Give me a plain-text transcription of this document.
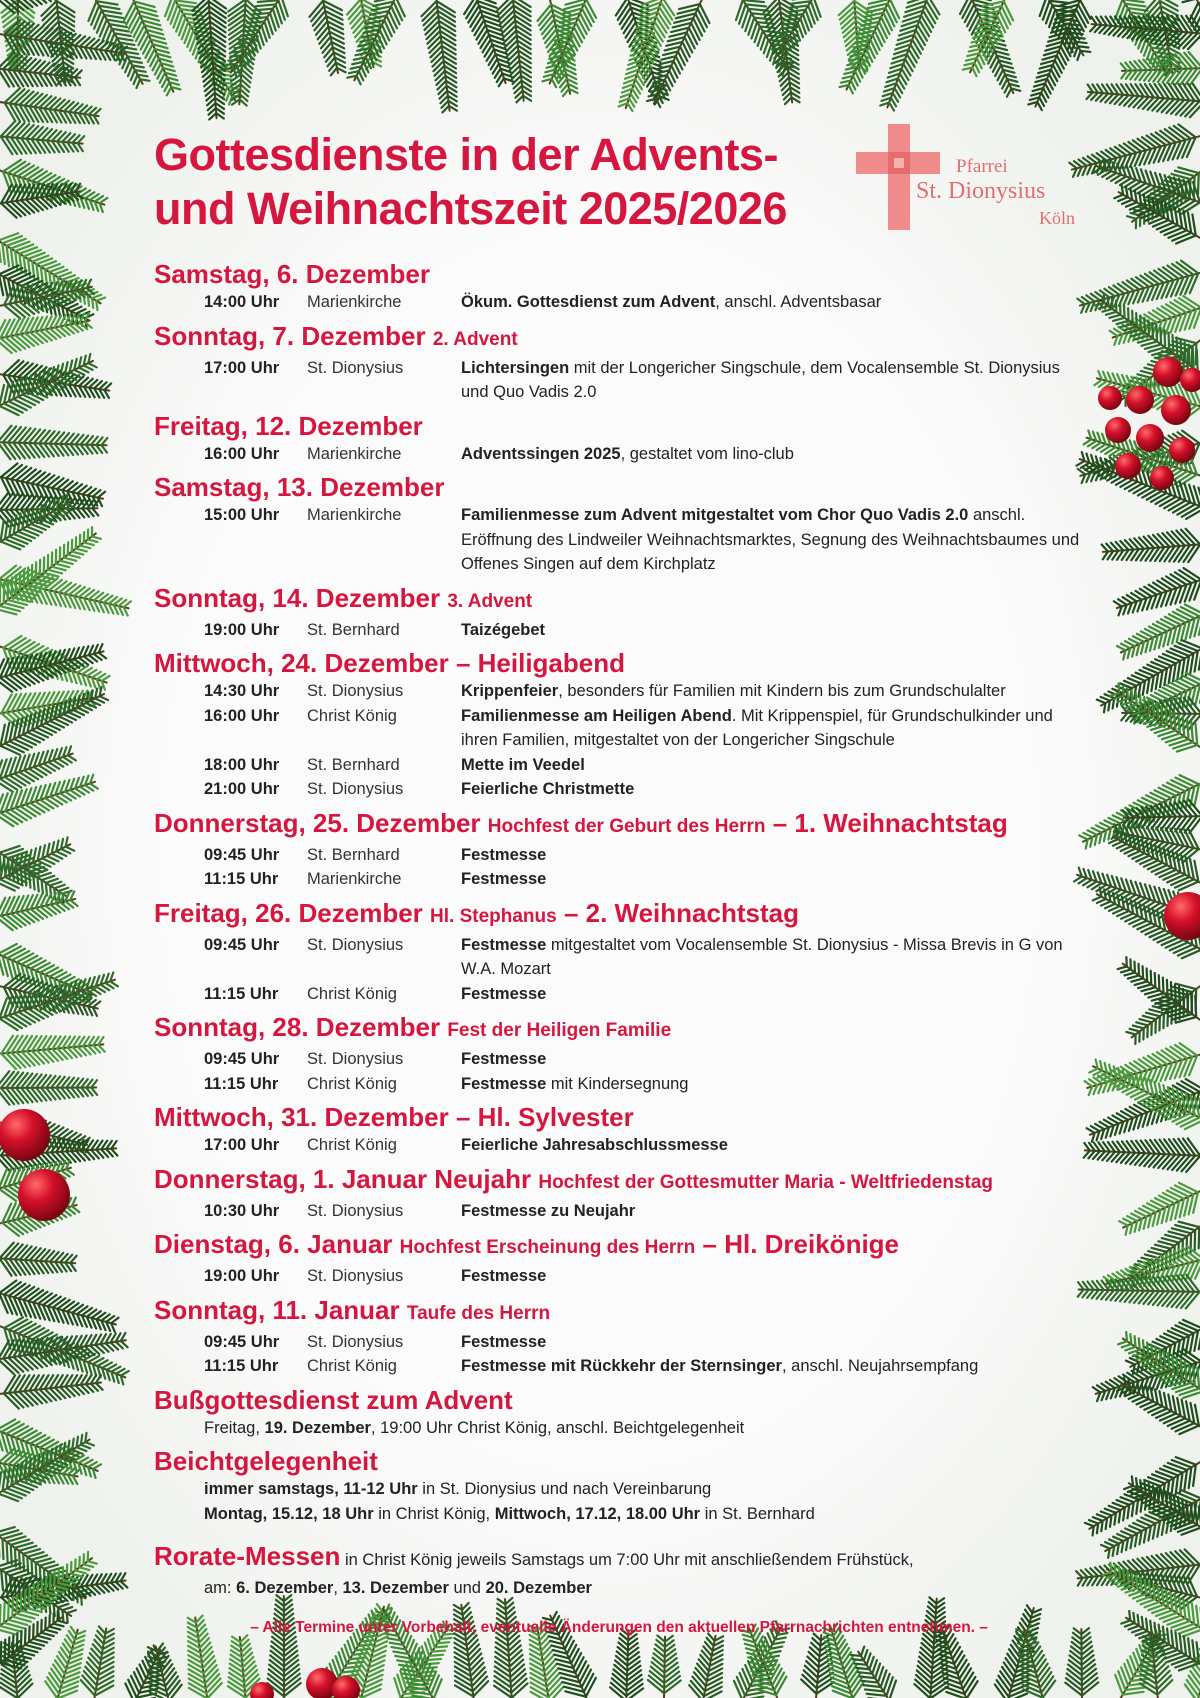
Pfarrei
St. Dionysius
Köln
Gottesdienste in der Advents-
und Weihnachtszeit 2025/2026
Samstag, 6. Dezember
14:00 Uhr	Marienkirche	Ökum. Gottesdienst zum Advent, anschl. Adventsbasar
Sonntag, 7. Dezember 2. Advent
17:00 Uhr	St. Dionysius	Lichtersingen mit der Longericher Singschule, dem Vocalensemble St. Dionysius und Quo Vadis 2.0
Freitag, 12. Dezember
16:00 Uhr	Marienkirche	Adventssingen 2025, gestaltet vom lino-club
Samstag, 13. Dezember
15:00 Uhr	Marienkirche	Familienmesse zum Advent mitgestaltet vom Chor Quo Vadis 2.0 anschl. Eröffnung des Lindweiler Weihnachtsmarktes, Segnung des Weihnachtsbaumes und Offenes Singen auf dem Kirchplatz
Sonntag, 14. Dezember 3. Advent
19:00 Uhr	St. Bernhard	Taizégebet
Mittwoch, 24. Dezember – Heiligabend
14:30 Uhr	St. Dionysius	Krippenfeier, besonders für Familien mit Kindern bis zum Grundschulalter
16:00 Uhr	Christ König	Familienmesse am Heiligen Abend. Mit Krippenspiel, für Grundschulkinder und ihren Familien, mitgestaltet von der Longericher Singschule
18:00 Uhr	St. Bernhard	Mette im Veedel
21:00 Uhr	St. Dionysius	Feierliche Christmette
Donnerstag, 25. Dezember Hochfest der Geburt des Herrn – 1. Weihnachtstag
09:45 Uhr	St. Bernhard	Festmesse
11:15 Uhr	Marienkirche	Festmesse
Freitag, 26. Dezember Hl. Stephanus – 2. Weihnachtstag
09:45 Uhr	St. Dionysius	Festmesse mitgestaltet vom Vocalensemble St. Dionysius - Missa Brevis in G von W.A. Mozart
11:15 Uhr	Christ König	Festmesse
Sonntag, 28. Dezember Fest der Heiligen Familie
09:45 Uhr	St. Dionysius	Festmesse
11:15 Uhr	Christ König	Festmesse mit Kindersegnung
Mittwoch, 31. Dezember – Hl. Sylvester
17:00 Uhr	Christ König	Feierliche Jahresabschlussmesse
Donnerstag, 1. Januar Neujahr Hochfest der Gottesmutter Maria - Weltfriedenstag
10:30 Uhr	St. Dionysius	Festmesse zu Neujahr
Dienstag, 6. Januar Hochfest Erscheinung des Herrn – Hl. Dreikönige
19:00 Uhr	St. Dionysius	Festmesse
Sonntag, 11. Januar Taufe des Herrn
09:45 Uhr	St. Dionysius	Festmesse
11:15 Uhr	Christ König	Festmesse mit Rückkehr der Sternsinger, anschl. Neujahrsempfang
Bußgottesdienst zum Advent
Freitag, 19. Dezember, 19:00 Uhr Christ König, anschl. Beichtgelegenheit
Beichtgelegenheit
immer samstags, 11-12 Uhr in St. Dionysius und nach Vereinbarung
Montag, 15.12, 18 Uhr in Christ König, Mittwoch, 17.12, 18.00 Uhr in St. Bernhard
Rorate-Messen in Christ König jeweils Samstags um 7:00 Uhr mit anschließendem Frühstück,
am: 6. Dezember, 13. Dezember und 20. Dezember
– Alle Termine unter Vorbehalt, eventuelle Änderungen den aktuellen Pfarrnachrichten entnehmen. –
